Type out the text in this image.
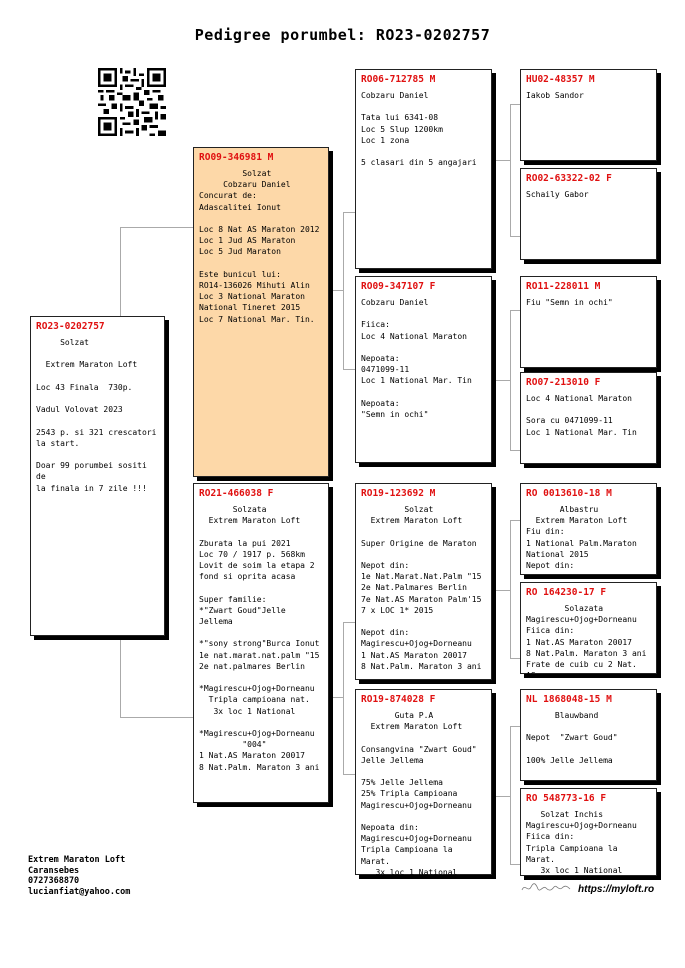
Pedigree porumbel: RO23-0202757
RO23-0202757
Solzat

Extrem Maraton Loft

Loc 43 Finala  730p.

Vadul Volovat 2023

2543 p. si 321 crescatori
la start.

Doar 99 porumbei sositi de
la finala in 7 zile !!!
RO09-346981 M
Solzat
Cobzaru Daniel
Concurat de:
Adascalitei Ionut

Loc 8 Nat AS Maraton 2012
Loc 1 Jud AS Maraton
Loc 5 Jud Maraton

Este bunicul lui:
RO14-136026 Mihuti Alin
Loc 3 National Maraton
National Tineret 2015
Loc 7 National Mar. Tin.
RO21-466038 F
Solzata
Extrem Maraton Loft

Zburata la pui 2021
Loc 70 / 1917 p. 568km
Lovit de soim la etapa 2
fond si oprita acasa

Super familie:
*"Zwart Goud"Jelle Jellema

*"sony strong"Burca Ionut
1e nat.marat.nat.palm "15
2e nat.palmares Berlin

*Magirescu+Ojog+Dorneanu
Tripla campioana nat.
3x loc 1 National

*Magirescu+Ojog+Dorneanu
"004"
1 Nat.AS Maraton 20017
8 Nat.Palm. Maraton 3 ani
RO06-712785 M
Cobzaru Daniel

Tata lui 6341-08
Loc 5 Slup 1200km
Loc 1 zona

5 clasari din 5 angajari
RO09-347107 F
Cobzaru Daniel

Fiica:
Loc 4 National Maraton

Nepoata:
0471099-11
Loc 1 National Mar. Tin

Nepoata:
"Semn in ochi"
RO19-123692 M
Solzat
Extrem Maraton Loft

Super Origine de Maraton

Nepot din:
1e Nat.Marat.Nat.Palm "15
2e Nat.Palmares Berlin
7e Nat.AS Maraton Palm'15
7 x LOC 1* 2015

Nepot din:
Magirescu+Ojog+Dorneanu
1 Nat.AS Maraton 20017
8 Nat.Palm. Maraton 3 ani
RO19-874028 F
Guta P.A
Extrem Maraton Loft

Consangvina "Zwart Goud"
Jelle Jellema

75% Jelle Jellema
25% Tripla Campioana
Magirescu+Ojog+Dorneanu

Nepoata din:
Magirescu+Ojog+Dorneanu
Tripla Campioana la
Marat.
3x loc 1 National
HU02-48357 M
Iakob Sandor
RO02-63322-02 F
Schaily Gabor
RO11-228011 M
Fiu "Semn in ochi"
RO07-213010 F
Loc 4 National Maraton

Sora cu 0471099-11
Loc 1 National Mar. Tin
RO 0013610-18 M
Albastru
Extrem Maraton Loft
Fiu din:
1 National Palm.Maraton
National 2015
Nepot din:
RO 164230-17 F
Solazata
Magirescu+Ojog+Dorneanu
Fiica din:
1 Nat.AS Maraton 20017
8 Nat.Palm. Maraton 3 ani
Frate de cuib cu 2 Nat. AS
NL 1868048-15 M
Blauwband

Nepot  "Zwart Goud"

100% Jelle Jellema
RO 548773-16 F
Solzat Inchis
Magirescu+Ojog+Dorneanu
Fiica din:
Tripla Campioana la
Marat.
3x loc 1 National
Extrem Maraton Loft
Caransebes
0727368870
lucianfiat@yahoo.com	https://myloft.ro
